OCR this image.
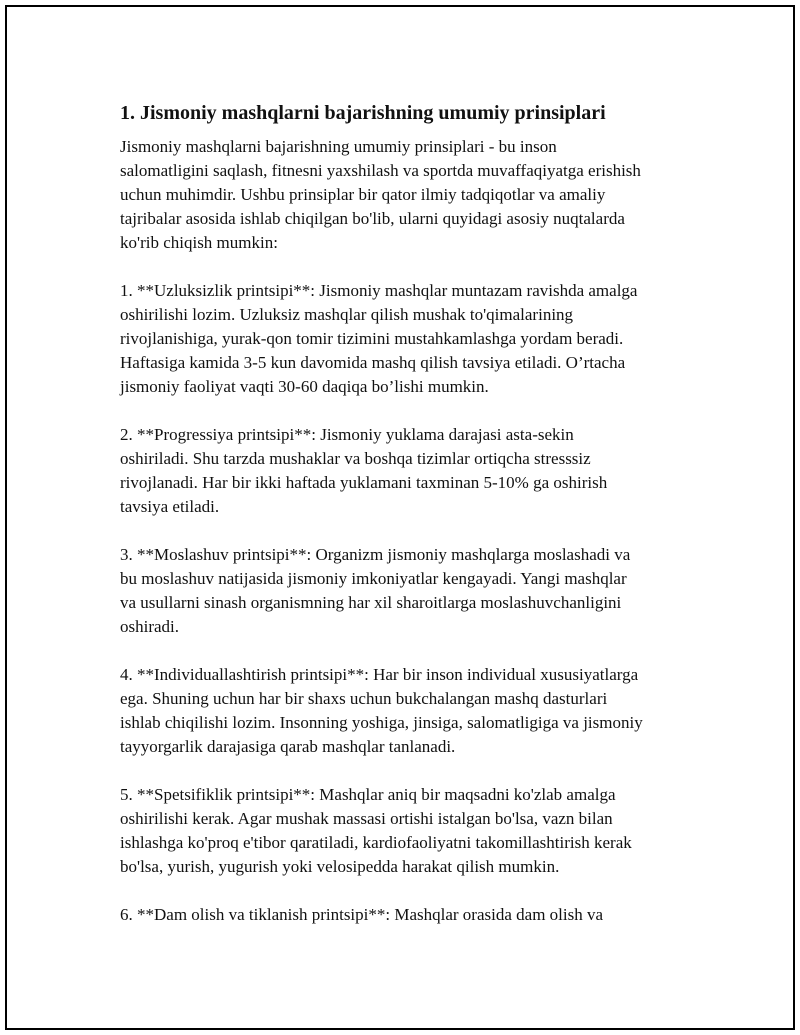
1. Jismoniy mashqlarni bajarishning umumiy prinsiplari
Jismoniy mashqlarni bajarishning umumiy prinsiplari - bu inson
salomatligini saqlash, fitnesni yaxshilash va sportda muvaffaqiyatga erishish
uchun muhimdir. Ushbu prinsiplar bir qator ilmiy tadqiqotlar va amaliy
tajribalar asosida ishlab chiqilgan bo'lib, ularni quyidagi asosiy nuqtalarda
ko'rib chiqish mumkin:
1. **Uzluksizlik printsipi**: Jismoniy mashqlar muntazam ravishda amalga
oshirilishi lozim. Uzluksiz mashqlar qilish mushak to'qimalarining
rivojlanishiga, yurak-qon tomir tizimini mustahkamlashga yordam beradi.
Haftasiga kamida 3-5 kun davomida mashq qilish tavsiya etiladi. O’rtacha
jismoniy faoliyat vaqti 30-60 daqiqa bo’lishi mumkin.
2. **Progressiya printsipi**: Jismoniy yuklama darajasi asta-sekin
oshiriladi. Shu tarzda mushaklar va boshqa tizimlar ortiqcha stresssiz
rivojlanadi. Har bir ikki haftada yuklamani taxminan 5-10% ga oshirish
tavsiya etiladi.
3. **Moslashuv printsipi**: Organizm jismoniy mashqlarga moslashadi va
bu moslashuv natijasida jismoniy imkoniyatlar kengayadi. Yangi mashqlar
va usullarni sinash organismning har xil sharoitlarga moslashuvchanligini
oshiradi.
4. **Individuallashtirish printsipi**: Har bir inson individual xususiyatlarga
ega. Shuning uchun har bir shaxs uchun bukchalangan mashq dasturlari
ishlab chiqilishi lozim. Insonning yoshiga, jinsiga, salomatligiga va jismoniy
tayyorgarlik darajasiga qarab mashqlar tanlanadi.
5. **Spetsifiklik printsipi**: Mashqlar aniq bir maqsadni ko'zlab amalga
oshirilishi kerak. Agar mushak massasi ortishi istalgan bo'lsa, vazn bilan
ishlashga ko'proq e'tibor qaratiladi, kardiofaoliyatni takomillashtirish kerak
bo'lsa, yurish, yugurish yoki velosipedda harakat qilish mumkin.
6. **Dam olish va tiklanish printsipi**: Mashqlar orasida dam olish va
